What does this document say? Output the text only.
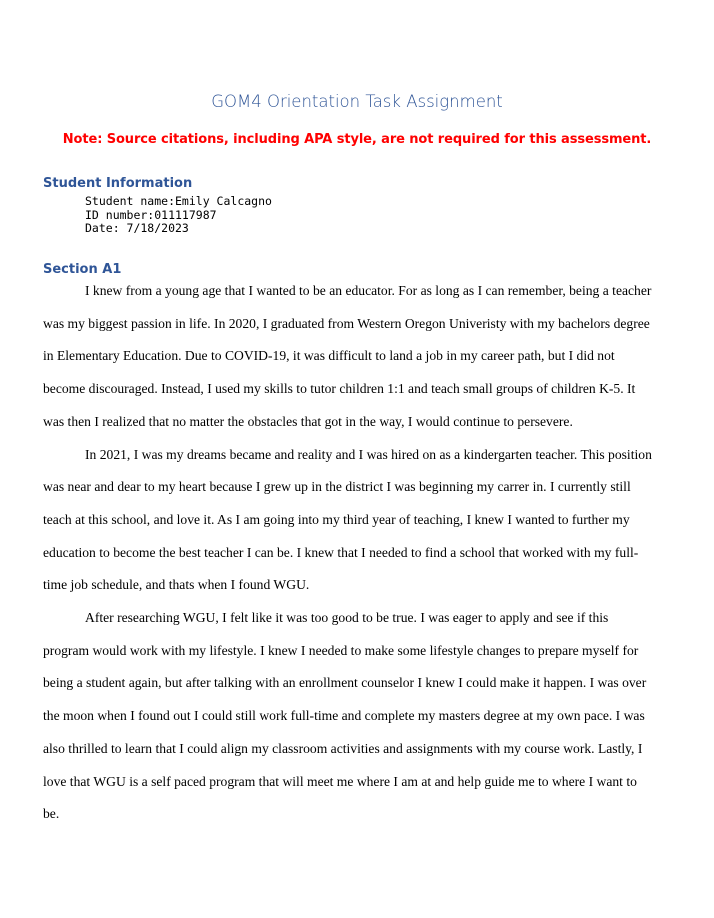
GOM4 Orientation Task Assignment

Note: Source citations, including APA style, are not required for this assessment.

Student Information
Student name:Emily Calcagno
ID number:011117987
Date: 7/18/2023
Section A1

I knew from a young age that I wanted to be an educator. For as long as I can remember, being a teacher
was my biggest passion in life. In 2020, I graduated from Western Oregon Univeristy with my bachelors degree
in Elementary Education. Due to COVID-19, it was difficult to land a job in my career path, but I did not
become discouraged. Instead, I used my skills to tutor children 1:1 and teach small groups of children K-5. It
was then I realized that no matter the obstacles that got in the way, I would continue to persevere.

In 2021, I was my dreams became and reality and I was hired on as a kindergarten teacher. This position
was near and dear to my heart because I grew up in the district I was beginning my carrer in. I currently still
teach at this school, and love it. As I am going into my third year of teaching, I knew I wanted to further my
education to become the best teacher I can be. I knew that I needed to find a school that worked with my full-
time job schedule, and thats when I found WGU.

After researching WGU, I felt like it was too good to be true. I was eager to apply and see if this
program would work with my lifestyle. I knew I needed to make some lifestyle changes to prepare myself for
being a student again, but after talking with an enrollment counselor I knew I could make it happen. I was over
the moon when I found out I could still work full-time and complete my masters degree at my own pace. I was
also thrilled to learn that I could align my classroom activities and assignments with my course work. Lastly, I
love that WGU is a self paced program that will meet me where I am at and help guide me to where I want to
be.
